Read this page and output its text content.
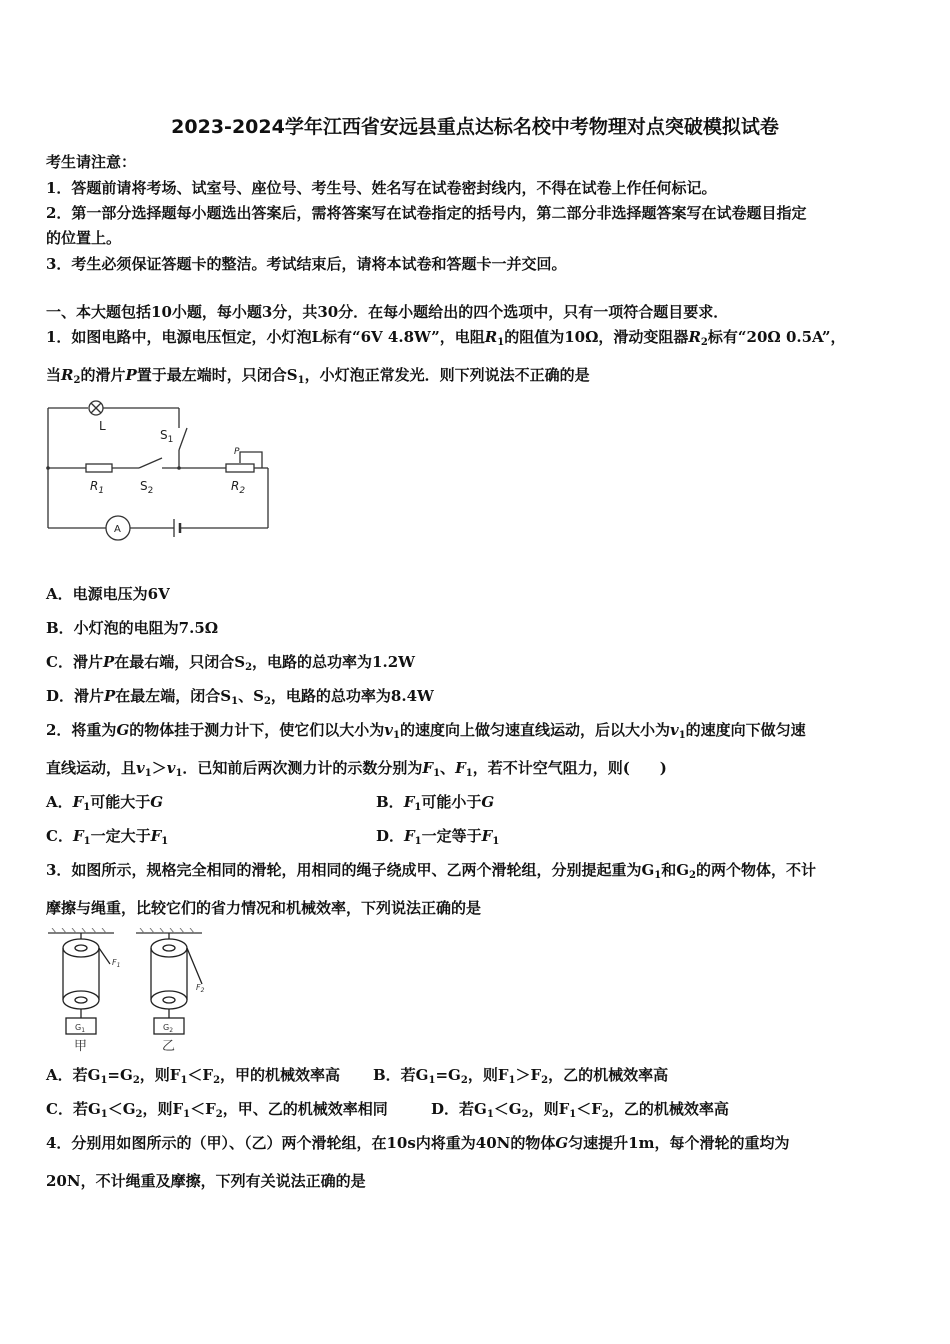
2023-2024学年江西省安远县重点达标名校中考物理对点突破模拟试卷
考生请注意：
1．答题前请将考场、试室号、座位号、考生号、姓名写在试卷密封线内，不得在试卷上作任何标记。
2．第一部分选择题每小题选出答案后，需将答案写在试卷指定的括号内，第二部分非选择题答案写在试卷题目指定
的位置上。
3．考生必须保证答题卡的整洁。考试结束后，请将本试卷和答题卡一并交回。
一、本大题包括10小题，每小题3分，共30分．在每小题给出的四个选项中，只有一项符合题目要求．
1．如图电路中，电源电压恒定，小灯泡L标有“6V 4.8W”，电阻$R_1$的阻值为10Ω，滑动变阻器$R_2$标有“20Ω 0.5A”，
当$R_2$的滑片P置于最左端时，只闭合$S_1$，小灯泡正常发光．则下列说法不正确的是
L
$S_1$
$R_1$	$S_2$	$R_2$
P
A
A．电源电压为6V
B．小灯泡的电阻为7.5Ω
C．滑片P在最右端，只闭合$S_2$，电路的总功率为1.2W
D．滑片P在最左端，闭合$S_1$、$S_2$，电路的总功率为8.4W
2．将重为G的物体挂于测力计下，使它们以大小为$v_1$的速度向上做匀速直线运动，后以大小为$v_1$的速度向下做匀速
直线运动，且$v_1>v_1$．已知前后两次测力计的示数分别为$F_1$、$F_1$，若不计空气阻力，则(　　)
A．$F_1$可能大于G	B．$F_1$可能小于G
C．$F_1$一定大于$F_1$	D．$F_1$一定等于$F_1$
3．如图所示，规格完全相同的滑轮，用相同的绳子绕成甲、乙两个滑轮组，分别提起重为$G_1$和$G_2$的两个物体，不计
摩擦与绳重，比较它们的省力情况和机械效率，下列说法正确的是
$F_1$
$F_2$
$G_1$	$G_2$
甲	乙
A．若$G_1=G_2$，则$F_1<F_2$，甲的机械效率高 B．若$G_1=G_2$，则$F_1>F_2$，乙的机械效率高
C．若$G_1<G_2$，则$F_1<F_2$，甲、乙的机械效率相同	D．若$G_1<G_2$，则$F_1<F_2$，乙的机械效率高
4．分别用如图所示的（甲）、（乙）两个滑轮组，在10s内将重为40N的物体G匀速提升1m，每个滑轮的重均为
20N，不计绳重及摩擦，下列有关说法正确的是
